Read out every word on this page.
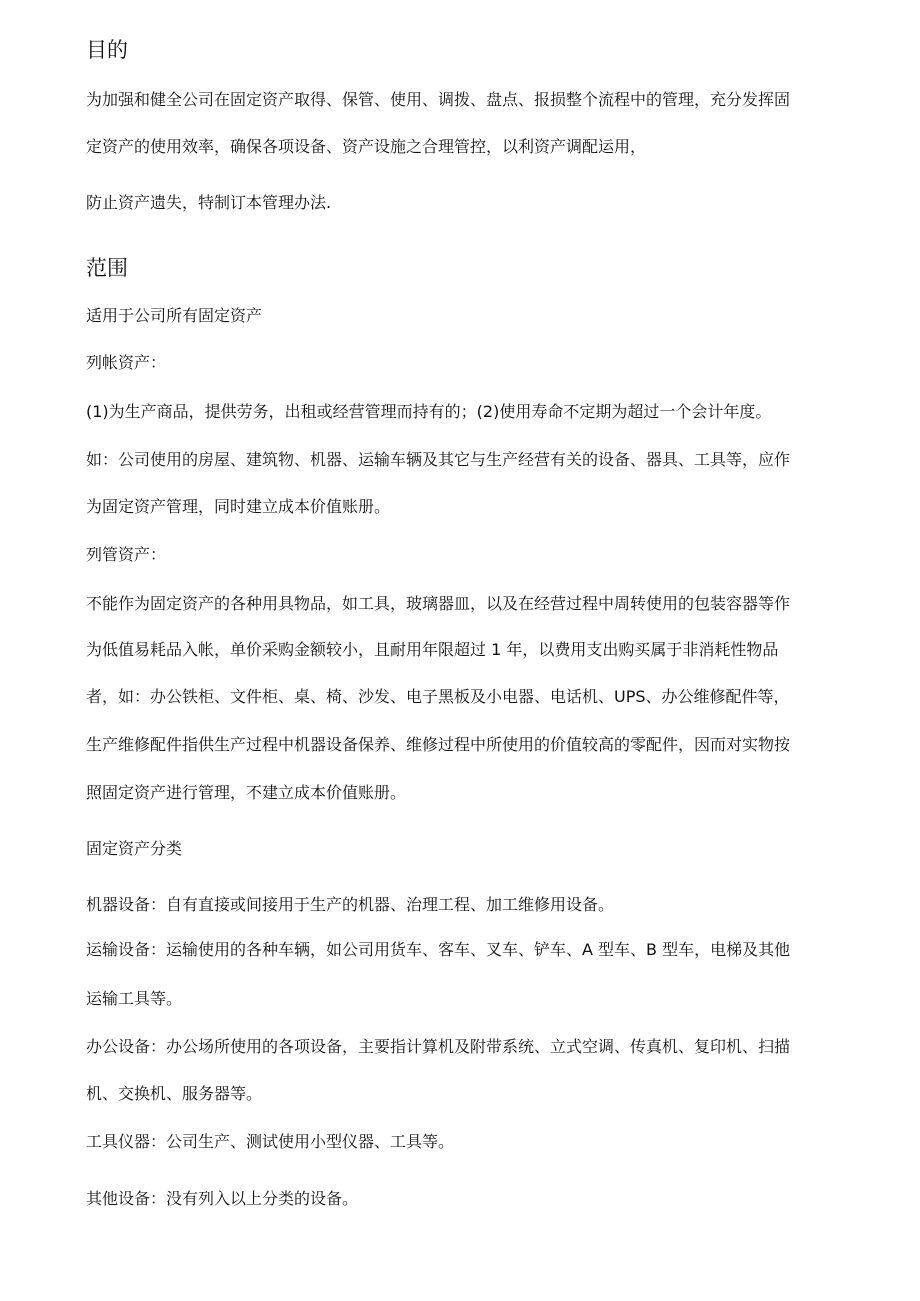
目的
为加强和健全公司在固定资产取得、保管、使用、调拨、盘点、报损整个流程中的管理，充分发挥固
定资产的使用效率，确保各项设备、资产设施之合理管控，以利资产调配运用，
防止资产遗失，特制订本管理办法.
范围
适用于公司所有固定资产
列帐资产：
(1)为生产商品，提供劳务，出租或经营管理而持有的；(2)使用寿命不定期为超过一个会计年度。
如：公司使用的房屋、建筑物、机器、运输车辆及其它与生产经营有关的设备、器具、工具等，应作
为固定资产管理，同时建立成本价值账册。
列管资产：
不能作为固定资产的各种用具物品，如工具，玻璃器皿，以及在经营过程中周转使用的包装容器等作
为低值易耗品入帐，单价采购金额较小，且耐用年限超过 1 年，以费用支出购买属于非消耗性物品
者，如：办公铁柜、文件柜、桌、椅、沙发、电子黑板及小电器、电话机、UPS、办公维修配件等，
生产维修配件指供生产过程中机器设备保养、维修过程中所使用的价值较高的零配件，因而对实物按
照固定资产进行管理，不建立成本价值账册。
固定资产分类
机器设备：自有直接或间接用于生产的机器、治理工程、加工维修用设备。
运输设备：运输使用的各种车辆，如公司用货车、客车、叉车、铲车、A 型车、B 型车，电梯及其他
运输工具等。
办公设备：办公场所使用的各项设备，主要指计算机及附带系统、立式空调、传真机、复印机、扫描
机、交换机、服务器等。
工具仪器：公司生产、测试使用小型仪器、工具等。
其他设备：没有列入以上分类的设备。
